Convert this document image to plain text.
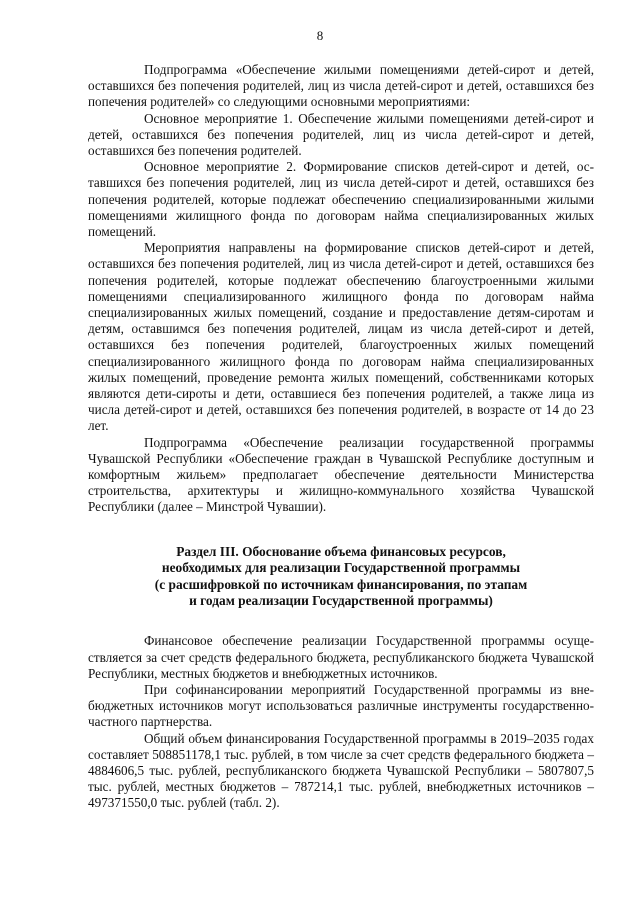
8

Подпрограмма «Обеспечение жилыми помещениями детей-сирот и детей, оставшихся без попечения родителей, лиц из числа детей-сирот и детей, оставшихся без попечения родителей» со следующими основными мероприятиями:

Основное мероприятие 1. Обеспечение жилыми помещениями детей-сирот и детей, оставшихся без попечения родителей, лиц из числа детей-сирот и детей, оставшихся без попечения родителей.

Основное мероприятие 2. Формирование списков детей-сирот и детей, оставшихся без попечения родителей, лиц из числа детей-сирот и детей, оставшихся без попечения родителей, которые подлежат обеспечению специализированными жилыми помещениями жилищного фонда по договорам найма специализированных жилых помещений.

Мероприятия направлены на формирование списков детей-сирот и детей, оставшихся без попечения родителей, лиц из числа детей-сирот и детей, оставшихся без попечения родителей, которые подлежат обеспечению благоустроенными жилыми помещениями специализированного жилищного фонда по договорам найма специализированных жилых помещений, создание и предоставление детям-сиротам и детям, оставшимся без попечения родителей, лицам из числа детей-сирот и детей, оставшихся без попечения родителей, благоустроенных жилых помещений специализированного жилищного фонда по договорам найма специализированных жилых помещений, проведение ремонта жилых помещений, собственниками которых являются дети-сироты и дети, оставшиеся без попечения родителей, а также лица из числа детей-сирот и детей, оставшихся без попечения родителей, в возрасте от 14 до 23 лет.

Подпрограмма «Обеспечение реализации государственной программы Чувашской Республики «Обеспечение граждан в Чувашской Республике доступным и комфортным жильем» предполагает обеспечение деятельности Министерства строительства, архитектуры и жилищно-коммунального хозяйства Чувашской Республики (далее – Минстрой Чувашии).

Раздел III. Обоснование объема финансовых ресурсов,
необходимых для реализации Государственной программы
(с расшифровкой по источникам финансирования, по этапам
и годам реализации Государственной программы)

Финансовое обеспечение реализации Государственной программы осуществляется за счет средств федерального бюджета, республиканского бюджета Чувашской Республики, местных бюджетов и внебюджетных источников.

При софинансировании мероприятий Государственной программы из внебюджетных источников могут использоваться различные инструменты государственно-частного партнерства.

Общий объем финансирования Государственной программы в 2019–2035 годах составляет 508851178,1 тыс. рублей, в том числе за счет средств федерального бюджета – 4884606,5 тыс. рублей, республиканского бюджета Чувашской Республики – 5807807,5 тыс. рублей, местных бюджетов – 787214,1 тыс. рублей, внебюджетных источников – 497371550,0 тыс. рублей (табл. 2).
